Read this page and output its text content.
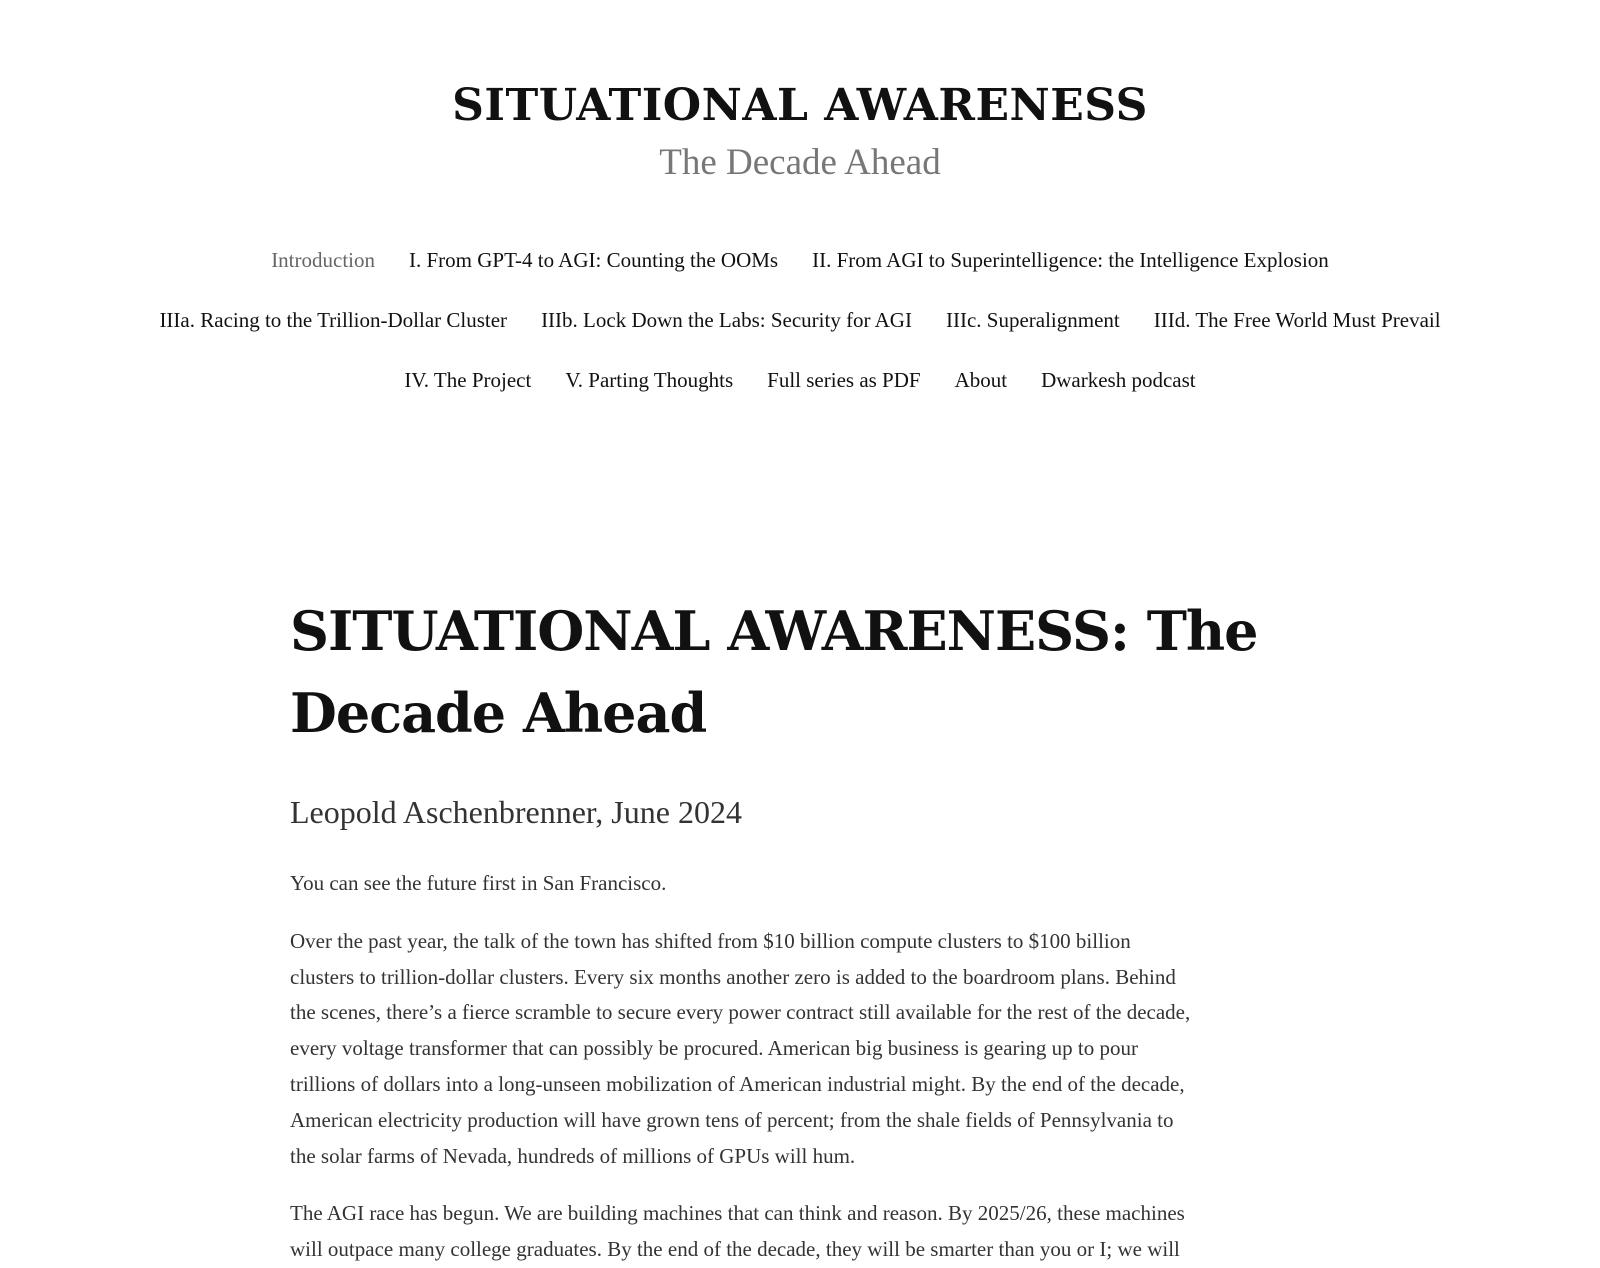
SITUATIONAL AWARENESS

The Decade Ahead

Introduction I. From GPT-4 to AGI: Counting the OOMs II. From AGI to Superintelligence: the Intelligence Explosion
IIIa. Racing to the Trillion-Dollar Cluster IIIb. Lock Down the Labs: Security for AGI IIIc. Superalignment IIId. The Free World Must Prevail
IV. The Project V. Parting Thoughts Full series as PDF About Dwarkesh podcast
SITUATIONAL AWARENESS: The
Decade Ahead

Leopold Aschenbrenner, June 2024

You can see the future first in San Francisco.

Over the past year, the talk of the town has shifted from $10 billion compute clusters to $100 billion
clusters to trillion-dollar clusters. Every six months another zero is added to the boardroom plans. Behind
the scenes, there’s a fierce scramble to secure every power contract still available for the rest of the decade,
every voltage transformer that can possibly be procured. American big business is gearing up to pour
trillions of dollars into a long-unseen mobilization of American industrial might. By the end of the decade,
American electricity production will have grown tens of percent; from the shale fields of Pennsylvania to
the solar farms of Nevada, hundreds of millions of GPUs will hum.

The AGI race has begun. We are building machines that can think and reason. By 2025/26, these machines
will outpace many college graduates. By the end of the decade, they will be smarter than you or I; we will
